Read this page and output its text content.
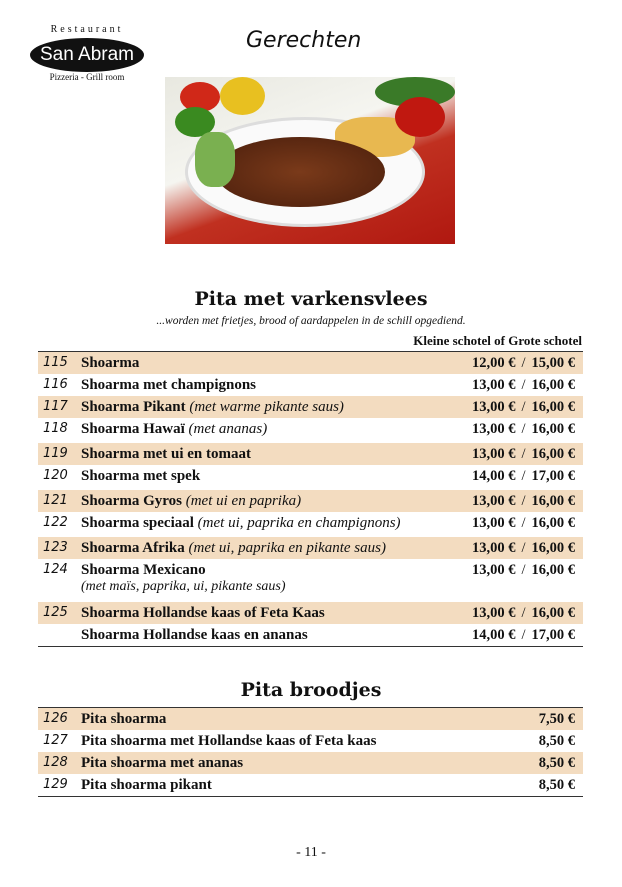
Restaurant
San Abram
Pizzeria - Grill room
Gerechten
Pita met varkensvlees
...worden met frietjes, brood of aardappelen in de schill opgediend.
Kleine schotel of Grote schotel
115 Shoarma	12,00 € / 15,00 €
116 Shoarma met champignons	13,00 € / 16,00 €
117 Shoarma Pikant (met warme pikante saus)	13,00 € / 16,00 €
118 Shoarma Hawaï (met ananas)	13,00 € / 16,00 €
119 Shoarma met ui en tomaat	13,00 € / 16,00 €
120 Shoarma met spek	14,00 € / 17,00 €
121 Shoarma Gyros (met ui en paprika)	13,00 € / 16,00 €
122 Shoarma speciaal (met ui, paprika en champignons)	13,00 € / 16,00 €
123 Shoarma Afrika (met ui, paprika en pikante saus)	13,00 € / 16,00 €
124 Shoarma Mexicano
(met maïs, paprika, ui, pikante saus)
13,00 € / 16,00 €
125 Shoarma Hollandse kaas of Feta Kaas	13,00 € / 16,00 €
Shoarma Hollandse kaas en ananas	14,00 € / 17,00 €
Pita broodjes
126 Pita shoarma	7,50 €
127 Pita shoarma met Hollandse kaas of Feta kaas	8,50 €
128 Pita shoarma met ananas	8,50 €
129 Pita shoarma pikant	8,50 €
- 11 -
